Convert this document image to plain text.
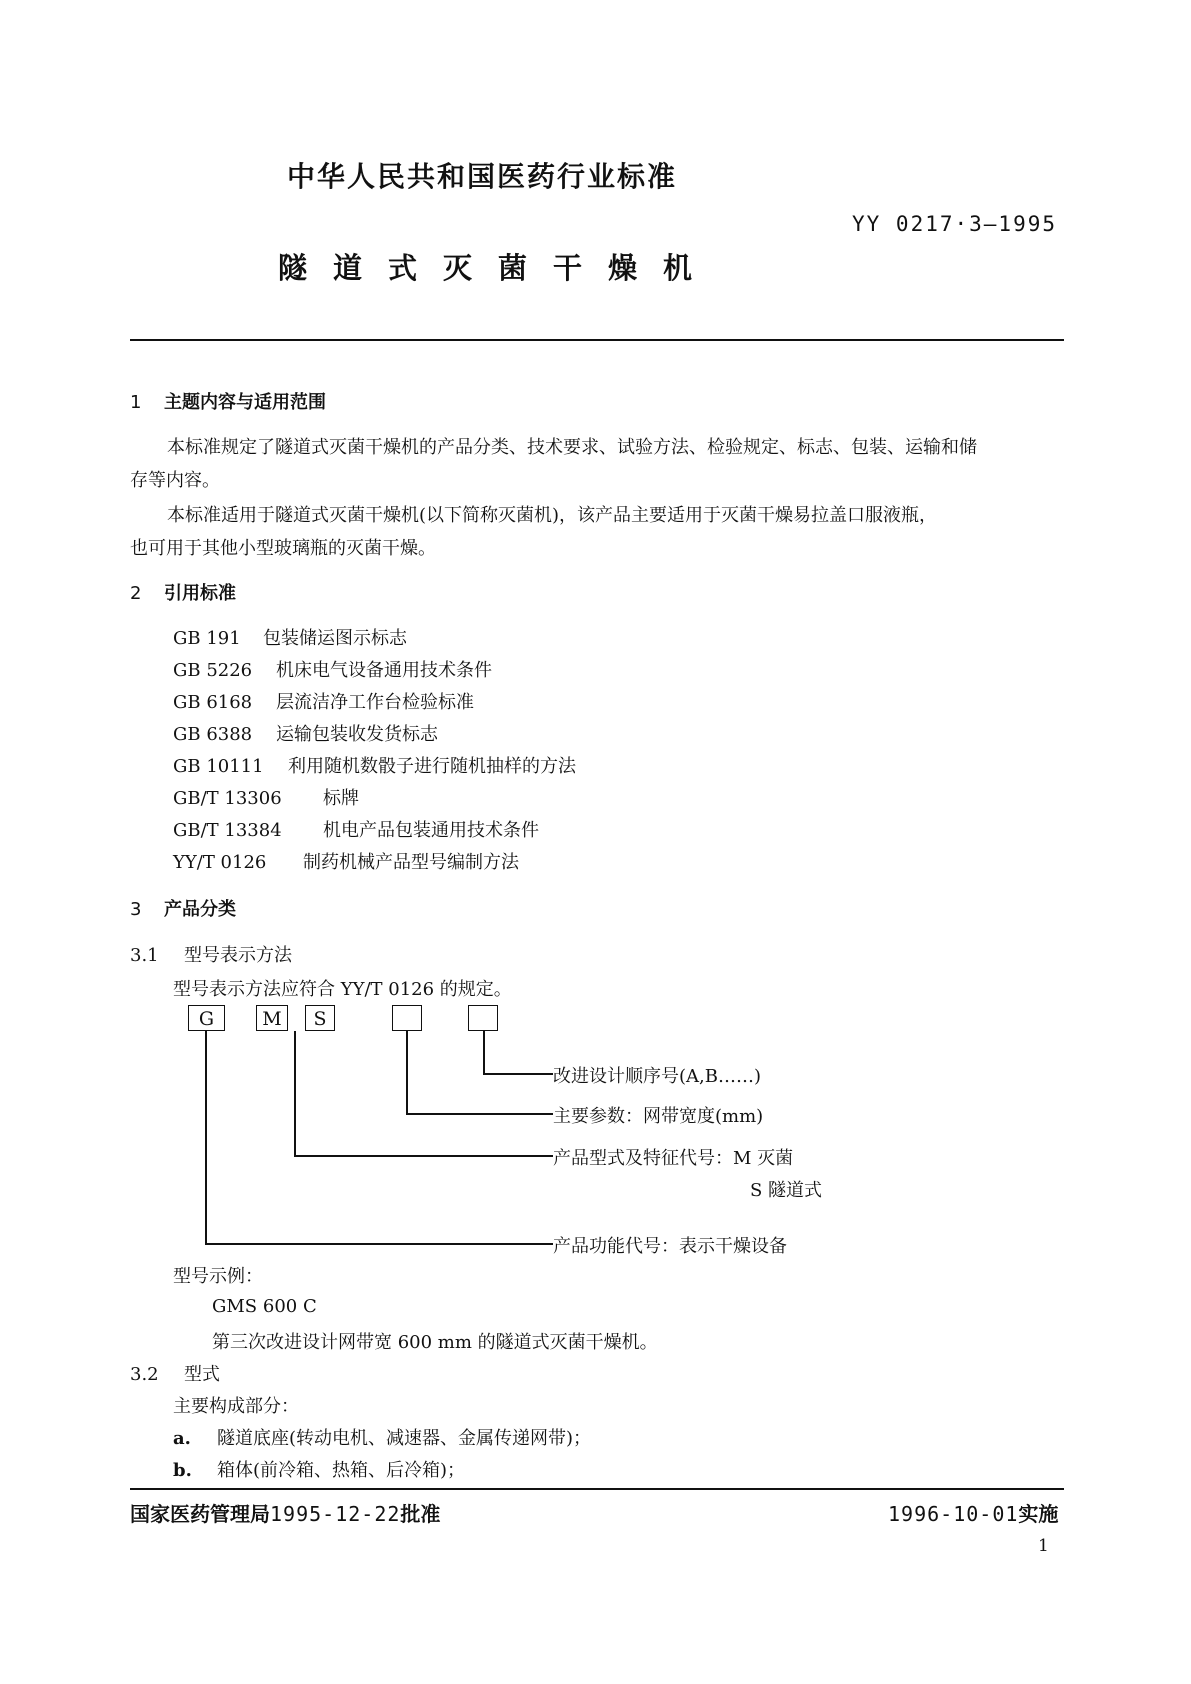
中华人民共和国医药行业标准
YY 0217·3—1995
隧道式灭菌干燥机
1 主题内容与适用范围
本标准规定了隧道式灭菌干燥机的产品分类、技术要求、试验方法、检验规定、标志、包装、运输和储
存等内容。
本标准适用于隧道式灭菌干燥机(以下简称灭菌机)，该产品主要适用于灭菌干燥易拉盖口服液瓶，
也可用于其他小型玻璃瓶的灭菌干燥。
2 引用标准
GB 191 包装储运图示标志
GB 5226 机床电气设备通用技术条件
GB 6168 层流洁净工作台检验标准
GB 6388 运输包装收发货标志
GB 10111 利用随机数骰子进行随机抽样的方法
GB/T 13306 标牌
GB/T 13384 机电产品包装通用技术条件
YY/T 0126 制药机械产品型号编制方法
3 产品分类
3.1 型号表示方法
型号表示方法应符合 YY/T 0126 的规定。
G	M	S
改进设计顺序号(A,B……)
主要参数：网带宽度(mm)
产品型式及特征代号：M 灭菌
S 隧道式
产品功能代号：表示干燥设备
型号示例：
GMS 600 C
第三次改进设计网带宽 600 mm 的隧道式灭菌干燥机。
3.2 型式
主要构成部分：
a. 隧道底座(转动电机、减速器、金属传递网带)；
b. 箱体(前冷箱、热箱、后冷箱)；
国家医药管理局1995-12-22批准	1996-10-01实施
1
